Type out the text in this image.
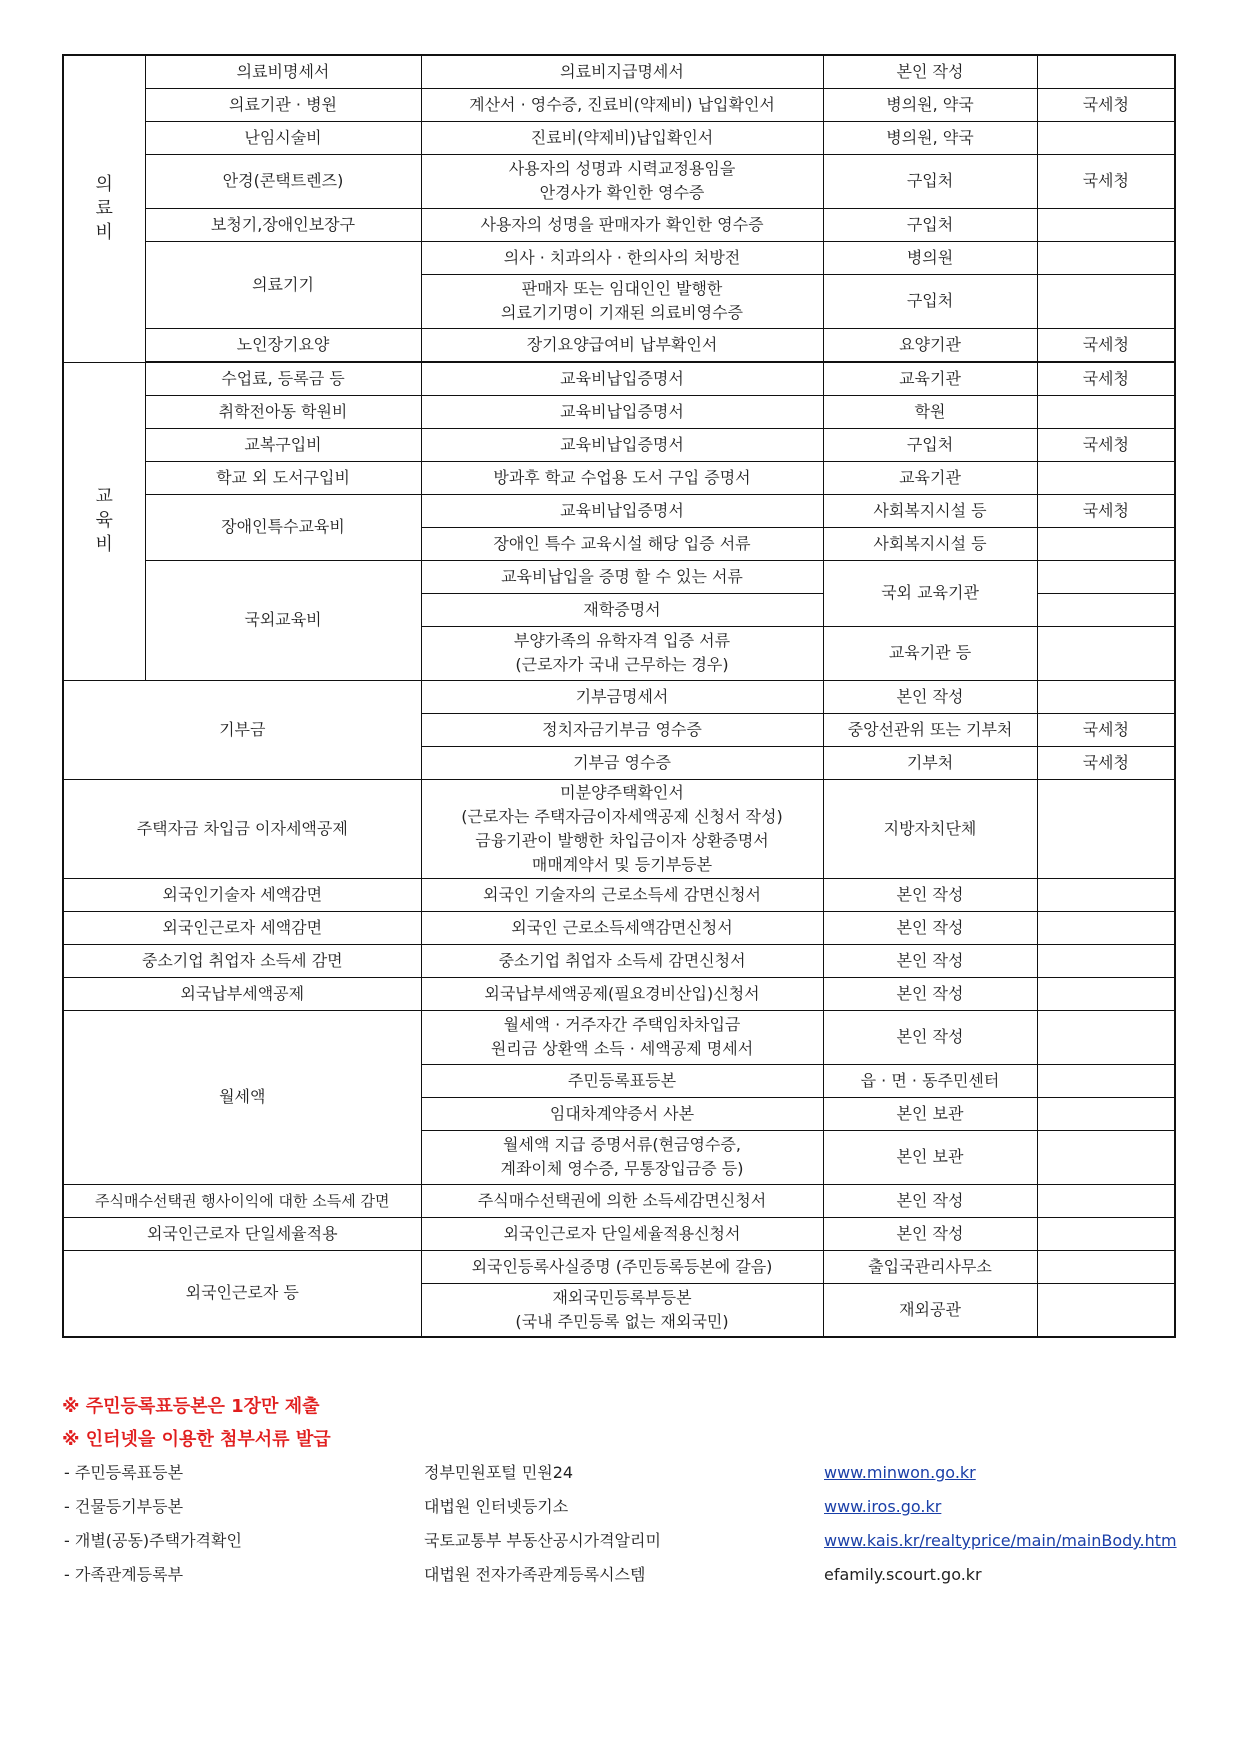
의
료
비	의료비명세서	의료비지급명세서	본인 작성	
	의료기관 · 병원	계산서 · 영수증, 진료비(약제비) 납입확인서	병의원, 약국	국세청
	난임시술비	진료비(약제비)납입확인서	병의원, 약국	
	안경(콘택트렌즈)	사용자의 성명과 시력교정용임을
안경사가 확인한 영수증	구입처	국세청
	보청기,장애인보장구	사용자의 성명을 판매자가 확인한 영수증	구입처	
	의료기기	의사 · 치과의사 · 한의사의 처방전	병의원	
		판매자 또는 임대인인 발행한
의료기기명이 기재된 의료비영수증	구입처	
	노인장기요양	장기요양급여비 납부확인서	요양기관	국세청

교
육
비	수업료, 등록금 등	교육비납입증명서	교육기관	국세청
	취학전아동 학원비	교육비납입증명서	학원	
	교복구입비	교육비납입증명서	구입처	국세청
	학교 외 도서구입비	방과후 학교 수업용 도서 구입 증명서	교육기관	
	장애인특수교육비	교육비납입증명서	사회복지시설 등	국세청
		장애인 특수 교육시설 해당 입증 서류	사회복지시설 등	
	국외교육비	교육비납입을 증명 할 수 있는 서류	국외 교육기관	
		재학증명서		
		부양가족의 유학자격 입증 서류
(근로자가 국내 근무하는 경우)	교육기관 등	
기부금		기부금명세서	본인 작성	
		정치자금기부금 영수증	중앙선관위 또는 기부처	국세청
		기부금 영수증	기부처	국세청
주택자금 차입금 이자세액공제		미분양주택확인서
(근로자는 주택자금이자세액공제 신청서 작성)
금융기관이 발행한 차입금이자 상환증명서
매매계약서 및 등기부등본	지방자치단체	
외국인기술자 세액감면		외국인 기술자의 근로소득세 감면신청서	본인 작성	
외국인근로자 세액감면		외국인 근로소득세액감면신청서	본인 작성	
중소기업 취업자 소득세 감면		중소기업 취업자 소득세 감면신청서	본인 작성	
외국납부세액공제		외국납부세액공제(필요경비산입)신청서	본인 작성	
월세액		월세액 · 거주자간 주택임차차입금
원리금 상환액 소득 · 세액공제 명세서	본인 작성	
		주민등록표등본	읍 · 면 · 동주민센터	
		임대차계약증서 사본	본인 보관	
		월세액 지급 증명서류(현금영수증,
계좌이체 영수증, 무통장입금증 등)	본인 보관	
주식매수선택권 행사이익에 대한 소득세 감면		주식매수선택권에 의한 소득세감면신청서	본인 작성	
외국인근로자 단일세율적용		외국인근로자 단일세율적용신청서	본인 작성	
외국인근로자 등		외국인등록사실증명 (주민등록등본에 갈음)	출입국관리사무소	
		재외국민등록부등본
(국내 주민등록 없는 재외국민)	재외공관	
※ 주민등록표등본은 1장만 제출
※ 인터넷을 이용한 첨부서류 발급
- 주민등록표등본	정부민원포털 민원24	www.minwon.go.kr
- 건물등기부등본	대법원 인터넷등기소	www.iros.go.kr
- 개별(공동)주택가격확인	국토교통부 부동산공시가격알리미	www.kais.kr/realtyprice/main/mainBody.htm
- 가족관계등록부	대법원 전자가족관계등록시스템	efamily.scourt.go.kr
